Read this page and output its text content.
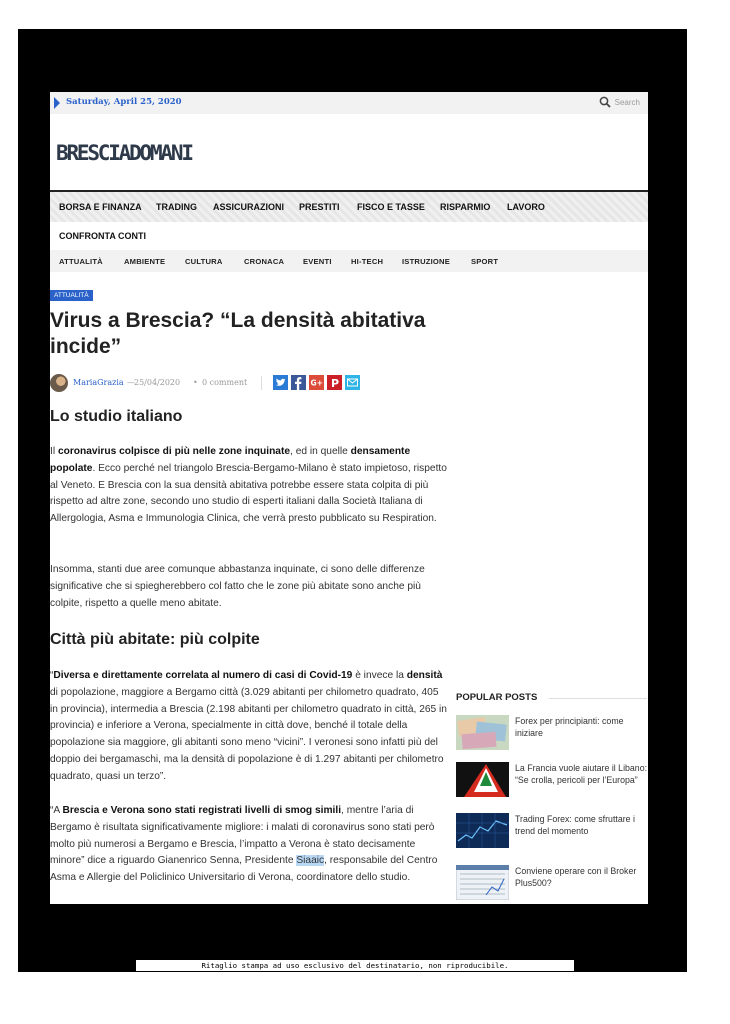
Saturday, April 25, 2020	Search
BRESCIADOMANI
BORSA E FINANZA TRADING ASSICURAZIONI PRESTITI FISCO E TASSE RISPARMIO LAVORO
CONFRONTA CONTI
ATTUALITÀ	AMBIENTE	CULTURA	CRONACA EVENTI	HI-TECH ISTRUZIONE	SPORT
ATTUALITÀ
Virus a Brescia? “La densità abitativa incide”
MariaGrazia — 25/04/2020 • 0 comment	G+ P
Lo studio italiano

Il coronavirus colpisce di più nelle zone inquinate, ed in quelle densamente popolate. Ecco perché nel triangolo Brescia-Bergamo-Milano è stato impietoso, rispetto al Veneto. E Brescia con la sua densità abitativa potrebbe essere stata colpita di più rispetto ad altre zone, secondo uno studio di esperti italiani dalla Società Italiana di Allergologia, Asma e Immunologia Clinica, che verrà presto pubblicato su Respiration.

Insomma, stanti due aree comunque abbastanza inquinate, ci sono delle differenze significative che si spiegherebbero col fatto che le zone più abitate sono anche più colpite, rispetto a quelle meno abitate.

Città più abitate: più colpite

“Diversa e direttamente correlata al numero di casi di Covid-19 è invece la densità di popolazione, maggiore a Bergamo città (3.029 abitanti per chilometro quadrato, 405 in provincia), intermedia a Brescia (2.198 abitanti per chilometro quadrato in città, 265 in provincia) e inferiore a Verona, specialmente in città dove, benché il totale della popolazione sia maggiore, gli abitanti sono meno “vicini”. I veronesi sono infatti più del doppio dei bergamaschi, ma la densità di popolazione è di 1.297 abitanti per chilometro quadrato, quasi un terzo”.

“A Brescia e Verona sono stati registrati livelli di smog simili, mentre l’aria di Bergamo è risultata significativamente migliore: i malati di coronavirus sono stati però molto più numerosi a Bergamo e Brescia, l’impatto a Verona è stato decisamente minore” dice a riguardo Gianenrico Senna, Presidente Siaaic, responsabile del Centro Asma e Allergie del Policlinico Universitario di Verona, coordinatore dello studio.

POPULAR POSTS
Forex per principianti: come iniziare
La Francia vuole aiutare il Libano: “Se crolla, pericoli per l’Europa”
Trading Forex: come sfruttare i trend del momento
Conviene operare con il Broker Plus500?
Ritaglio stampa ad uso esclusivo del destinatario, non riproducibile.
